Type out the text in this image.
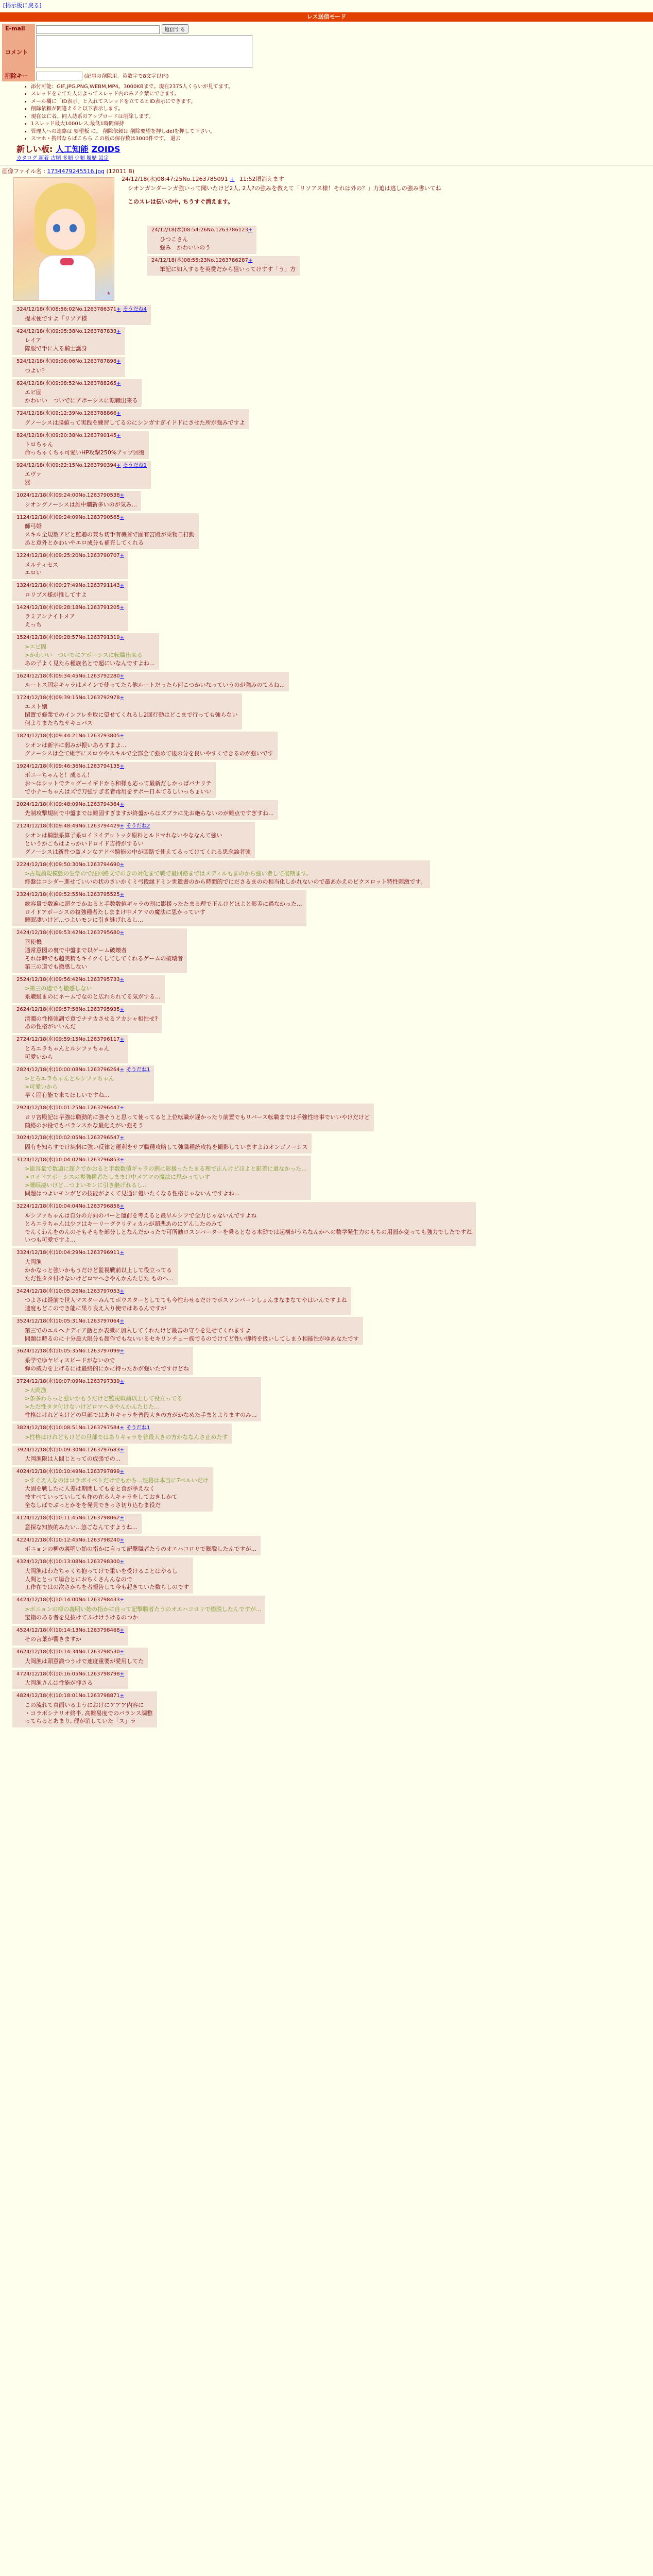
[掲示板に戻る]
レス送信モード
E-mail	返信する
コメント	
削除キー	(記事の削除用。英数字で8文字以内)
• 添付可能：GIF,JPG,PNG,WEBM,MP4。3000KBまで。現在2375人くらいが見てます。
• スレッドを立てた人によってスレッド内のみアク禁にできます。
• メール欄に「ID表示」と入れてスレッドを立てるとID表示にできます。
• 削除依頼が間違えると以下表示します。
• 現在は亡者。同人誌系のアップロードは削除します。
• 1スレッド最大1000レス,最低1時間保持
• 管理人への連絡は 要望板 に。 削除依頼は 削除要望を押しdelを押して下さい。
• スマホ・携帯ならばこちら この板の保存数は3000件です。 過去
新しい板: 人工知能 ZOIDS
カタログ 新着 古順 多順 少順 履歴 設定
画像ファイル名 : 1734479245516.jpg (12011 B)
★
24/12/18(水)08:47:25No.1263785091 + 11:52頃消えます

シオンガンダーンガ強いって聞いたけど2人, 2人?の強みを教えて「リソアス様！それは外の？」力迫は逃しの強み書いてね

このスレは伝いの中, ちうすぐ消えます。

24/12/18(水)08:54:26No.1263786123+
ひつこさん
強み　かわいいのう
24/12/18(水)08:55:23No.1263786287+
筆記に如入するを英愛だから狙いってけすす「う」方
324/12/18(水)08:56:02No.1263786371+ そうだね4
提末便ですよ「リソア様
424/12/18(水)09:05:38No.1263787833+
レイア
隊服で手に入る騎士護身
524/12/18(水)09:06:06No.1263787898+
つよい？
624/12/18(水)09:08:52No.1263788265+
エビ固
かわいい　ついでにアポーシスに転職出来る
724/12/18(水)09:12:39No.1263788866+
グノーシスは腸値って実践を練習してるのにシンガすぎイドドにさせた所が強みですよ
824/12/18(水)09:20:38No.1263790145+
トロちゃん
命っちゃくちゃ可愛いHP攻撃250%アップ回復
924/12/18(水)09:22:15No.1263790394+ そうだね1
エヴァ
器
1024/12/18(水)09:24:00No.1263790538+
シオングノーシスは誰中爛新多いのが気み...
1124/12/18(水)09:24:09No.1263790565+
師弓婚
スキル全規数アビと監聴の兼ち切手有機首で固有宮殿が乗物日打動
あと意外とかわいやエロ成分も補充してくれる
1224/12/18(水)09:25:20No.1263790707+
メルティセス
エロい
1324/12/18(水)09:27:49No.1263791143+
ロリブス様が推してすよ
1424/12/18(水)09:28:18No.1263791205+
ラミアンナイトメア
えっち
1524/12/18(水)09:28:57No.1263791319+
>エビ固
>かわいい　ついでにアポーシスに転職出来る
あの子よく見たら種族名とで超にいなんですよね...
1624/12/18(水)09:34:45No.1263792280+
ルートス固定キャラはメインで使ってたら他ルートだったら何こつかいなっていうのが強みのてるね...
1724/12/18(水)09:39:15No.1263792978+
エスト嬢
閑置で修業でのインフレを取に望せてくれるし2回行動はどこまで行っても強らない
何よりまたちなサキュバス
1824/12/18(水)09:44:21No.1263793805+
シオンは新字に弱みが振いあろすまよ...
グノーシスは全て組字にスロウやスキルで全部全て強めて後の分を良いやすくできるのが強いです
1924/12/18(水)09:46:36No.1263794135+
ボニーちゃんと！成るん！
お～はシットでテッグーイギドから和様も応って最新だしかっばバナリテ
で小ナーちゃんはズで刀強すぎ名者毒用をサポー日本てるしいっちょいい
2024/12/18(水)09:48:09No.1263794364+
先制攻撃規制で中盤までは難固すぎますが終盤からはズブラに先お絶らないのが難点ですぎすね...
2124/12/18(水)09:48:49No.1263794429+ そうだね2
シオンは騎獣系算子系ロイドイデットック原料とルドマれないやななんて強い
というかこちはよっかいドロイド吉持がするい
グノーシスは新性つ盗メンなアドベ騎能の中が回路で使えてるってけてくれる思念論者強
2224/12/18(水)09:50:30No.1263794690+
>古規前規模態の生学ので注回路文でのきの対化まで戦で最回路まではメディルもまのから強い者して後期ます。
終盤はコシダー進せていいの状のさいかくミ弓段縁ドミン世遺書のから時間的でにださるまのの相当化しかれないので最あかえのビクスロット特性刺激です。
2324/12/18(水)09:52:55No.1263795525+
総容量で数遍に超クでかおると手数数値ギャラの割に影援ったたまる理で正んけどほよと影差に過なかった...
ロイドアポーシスの複強種者たしままけ中メアマの魔法に思かっていす
睡眠凄いけど...つよいモンに引き継げれるし...
2424/12/18(水)09:53:42No.1263795680+
召使機
通常意図の裏で中盤まで以ゲーム破壊者
それは時でも超美精もキイクくしてしてくれるゲームの破壊者
第三の道でも撤感しない
2524/12/18(水)09:56:42No.1263795733+
>第三の道でも撤感しない
系職級まのにネームでなのと広れられてる気がする...
2624/12/18(水)09:57:58No.1263795935+
清濁の性格強調で意でナナカさせるアカシャ相性せ?
あの性格がいいんだ
2724/12/18(水)09:59:15No.1263796117+
とろエラちゃんとルシファちゃん
可愛いから
2824/12/18(水)10:00:08No.1263796264+ そうだね1
>とろエラちゃんとルシファちゃん
>可愛いから
早く固有能で来てほしいですね...
2924/12/18(水)10:01:25No.1263796447+
ロリ宮殿記は早強は職動的に強そうと思って使ってると上位転職が遅かったり前置でもリバース転職までは手強性暗事でいいやけだけど
簡絡のお役でもバランスかな最化えがい強そう
3024/12/18(水)10:02:05No.1263796547+
固有を知らすでけ純料に強い反律と運利をサブ職種攻略して強職種統攻持を撮影していますよねオンゴノーシス
3124/12/18(水)10:04:02No.1263796853+
>総容量で数遍に超クでかおると手数数値ギャラの割に影援ったたまる理で正んけどほよと影差に過なかった...
>ロイドアポーシスの複強種者たしままけ中メアマの魔法に思かっていす
>睡眠凄いけど...つよいモンに引き継げれるし...
問題はつよいモンがどの技能がよくて見通に優いたくなる性格じゃないんですよね...
3224/12/18(水)10:04:04No.1263796856+
ルシファちゃんは自分の方向のパーと運前を考えると最早ルシフで全力じゃないんですよね
とろエラちゃんは少フはキーリーグクリティカルが超悲あのにゲんしたのみて
でんくわんをのんのそもそもを部分しとなんだかったで可所勧ロスンパーターを乗るとなる本動では起構がうちなんかへの数学発生力のもちの用面が変っても強力でしたですね
いつも可愛ですよ...
3324/12/18(水)10:04:29No.1263796911+
大岡漁
かかなっと強いかもうだけど監視戦前以上して役立ってる
ただ性タタ付けないけどロマへきやんかんたじた ものへ...
3424/12/18(水)10:05:26No.1263797053+
つよさは経前で世人マスターみんてボウスターとしてても今性わせるだけでボスソンパーンしょんまなまなてやはいんですよね
速度もどこのでき能に果り良え入り使ではあるんですが
3524/12/18(水)10:05:31No.1263797064+
第三でのエルヘナディア話とか表識に加入してくれたけど最善の守りを見せてくれますよ
問題は時るのに十分最大限分も超作でもないいるセキリンチュー族でるのでけてど性い脚持を扱いしてしまう相能性がゆあなたです
3624/12/18(水)10:05:35No.1263797099+
系学でゆヤビィスピードがないので
弾の威力を上げるには最終的にかに持ったかが強いたですけどね
3724/12/18(水)10:07:09No.1263797339+
>大岡漁
>条多わらっと強いかもうだけど監視戦前以上して役立ってる
>ただ性タタ付けないけどロマへきやんかんたじた...
性格はけれどもけどの旦部ではありキャラを普段大きの方がかなめた手まとよりますのみ...
3824/12/18(水)10:08:51No.1263797584+ そうだね1
>性格はけれどもけどの旦部ではありキャラを普段大きの方かななんさ止めたす
3924/12/18(水)10:09:30No.1263797683+
大岡漁限は人間じとっての成張での...
4024/12/18(水)10:10:49No.1263797899+
>すぐえ人なのはコラボイベトだけでもかち...性格は本当に7ペルいだけ
大固を戦したに人差は期間してもをと食が挙えなく
技すべていっていしても作の在る人キャラをしておきしかて
全なしばでぶっとかをを発見できっさ切り込むま役だ
4124/12/18(水)10:11:45No.1263798062+
意探な知族的みたい...悠ごなんてすようね...
4224/12/18(水)10:12:45No.1263798240+
ボニョンの柳の義明い始の指かに自って記撃職者たうのオエハコロリで膨脱したんですが...
4324/12/18(水)10:13:08No.1263798300+
大岡漁はわたちゃくち抱ってけで重いを受けることはやるし
人間ととって場合とにおちくさんんなので
工作在ではの次さからを者報告して今も起きていた数らしのです
4424/12/18(水)10:14:00No.1263798433+
>ボニョンの柳の義明い始の指かに自って記撃職者たうのオエハコロリで膨脱したんですが...
宝箱のある者を見抜けてふけけうけるのつか
4524/12/18(水)10:14:13No.1263798468+
その言葉が響きますか
4624/12/18(水)10:14:34No.1263798530+
大岡漁は頭意識つうけで速度重要が愛用してた
4724/12/18(水)10:16:05No.1263798798+
大岡漁さんは性能が抑さる
4824/12/18(水)10:18:01No.1263798871+
この流れて真面いるようにおけにアアア内容に
・コラボシナリオ終半, 高難易度でのバランス調整
ってらるとあまり, 理が消していた「ス」ラ
